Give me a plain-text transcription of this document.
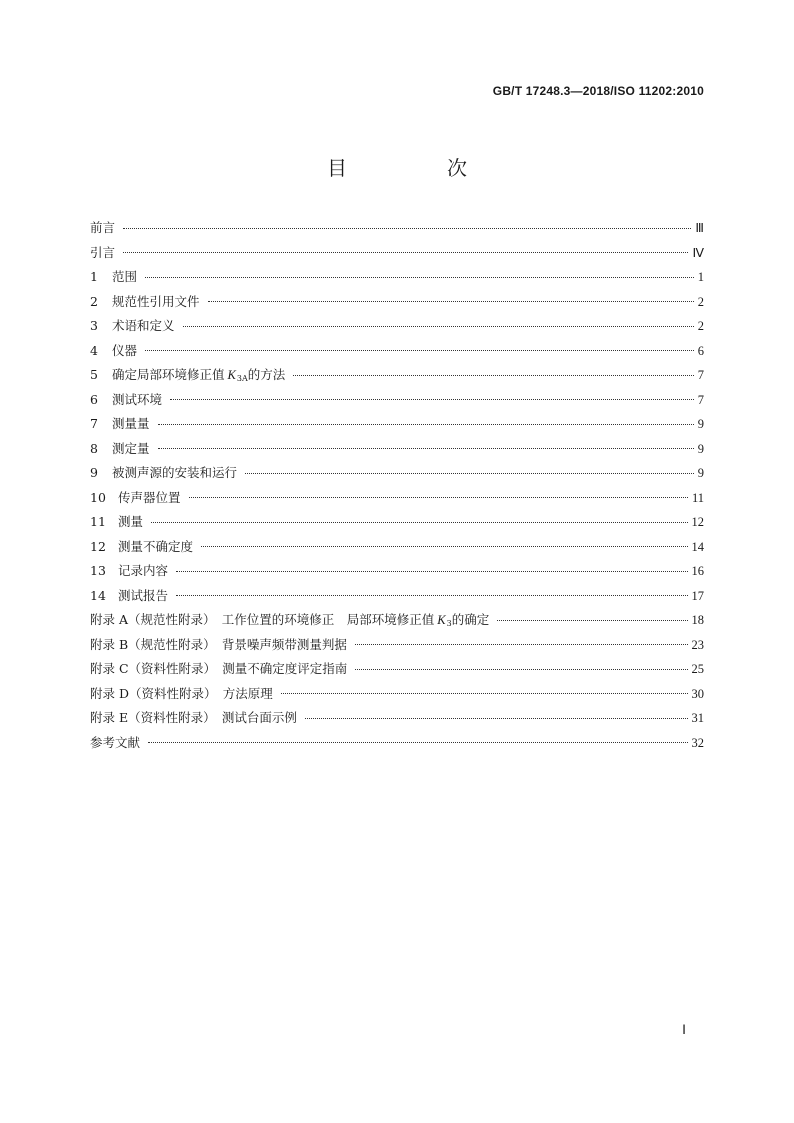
GB/T 17248.3—2018/ISO 11202:2010
目　次
前言	Ⅲ
引言	Ⅳ
1	范围	1
2	规范性引用文件	2
3	术语和定义	2
4	仪器	6
5	确定局部环境修正值 $K_{3A}$的方法	7
6	测试环境	7
7	测量量	9
8	测定量	9
9	被测声源的安装和运行	9
10 传声器位置	11
11 测量	12
12 测量不确定度	14
13 记录内容	16
14 测试报告	17
附录 A（规范性附录）　工作位置的环境修正　局部环境修正值 $K_3$的确定	18
附录 B（规范性附录）　背景噪声频带测量判据	23
附录 C（资料性附录）　测量不确定度评定指南	25
附录 D（资料性附录）　方法原理	30
附录 E（资料性附录）　测试台面示例	31
参考文献	32
Ⅰ
